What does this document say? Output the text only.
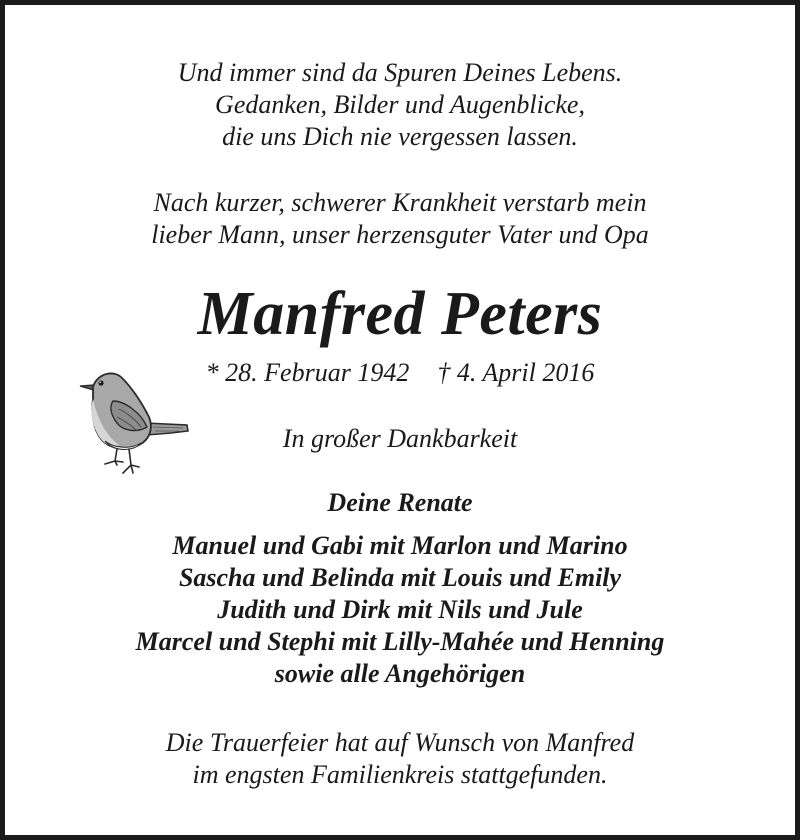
Und immer sind da Spuren Deines Lebens.
Gedanken, Bilder und Augenblicke,
die uns Dich nie vergessen lassen.
Nach kurzer, schwerer Krankheit verstarb mein
lieber Mann, unser herzensguter Vater und Opa
Manfred Peters
* 28. Februar 1942 † 4. April 2016
In großer Dankbarkeit
Deine Renate
Manuel und Gabi mit Marlon und Marino
Sascha und Belinda mit Louis und Emily
Judith und Dirk mit Nils und Jule
Marcel und Stephi mit Lilly-Mahée und Henning
sowie alle Angehörigen
Die Trauerfeier hat auf Wunsch von Manfred
im engsten Familienkreis stattgefunden.
